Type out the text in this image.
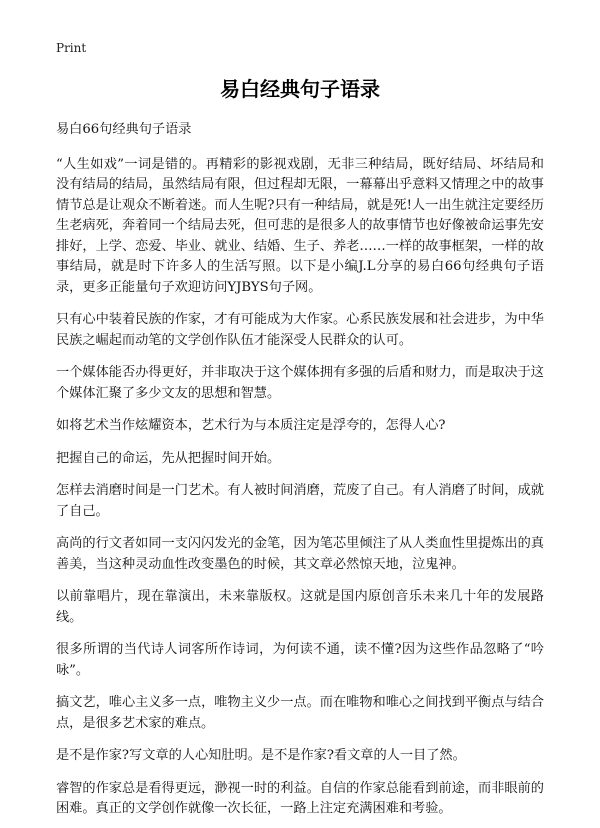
Print
易白经典句子语录

易白66句经典句子语录

“人生如戏”一词是错的。再精彩的影视戏剧，无非三种结局，既好结局、坏结局和没有结局的结局，虽然结局有限，但过程却无限，一幕幕出乎意料又情理之中的故事情节总是让观众不断着迷。而人生呢?只有一种结局，就是死!人一出生就注定要经历生老病死，奔着同一个结局去死，但可悲的是很多人的故事情节也好像被命运事先安排好，上学、恋爱、毕业、就业、结婚、生子、养老……一样的故事框架，一样的故事结局，就是时下许多人的生活写照。以下是小编J.L分享的易白66句经典句子语录，更多正能量句子欢迎访问YJBYS句子网。

只有心中装着民族的作家，才有可能成为大作家。心系民族发展和社会进步，为中华民族之崛起而动笔的文学创作队伍才能深受人民群众的认可。

一个媒体能否办得更好，并非取决于这个媒体拥有多强的后盾和财力，而是取决于这个媒体汇聚了多少文友的思想和智慧。

如将艺术当作炫耀资本，艺术行为与本质注定是浮夸的，怎得人心?

把握自己的命运，先从把握时间开始。

怎样去消磨时间是一门艺术。有人被时间消磨，荒废了自己。有人消磨了时间，成就了自己。

高尚的行文者如同一支闪闪发光的金笔，因为笔芯里倾注了从人类血性里提炼出的真善美，当这种灵动血性改变墨色的时候，其文章必然惊天地，泣鬼神。

以前靠唱片，现在靠演出，未来靠版权。这就是国内原创音乐未来几十年的发展路线。

很多所谓的当代诗人词客所作诗词，为何读不通，读不懂?因为这些作品忽略了“吟咏”。

搞文艺，唯心主义多一点，唯物主义少一点。而在唯物和唯心之间找到平衡点与结合点，是很多艺术家的难点。

是不是作家?写文章的人心知肚明。是不是作家?看文章的人一目了然。

睿智的作家总是看得更远，渺视一时的利益。自信的作家总能看到前途，而非眼前的困难。真正的文学创作就像一次长征，一路上注定充满困难和考验。
